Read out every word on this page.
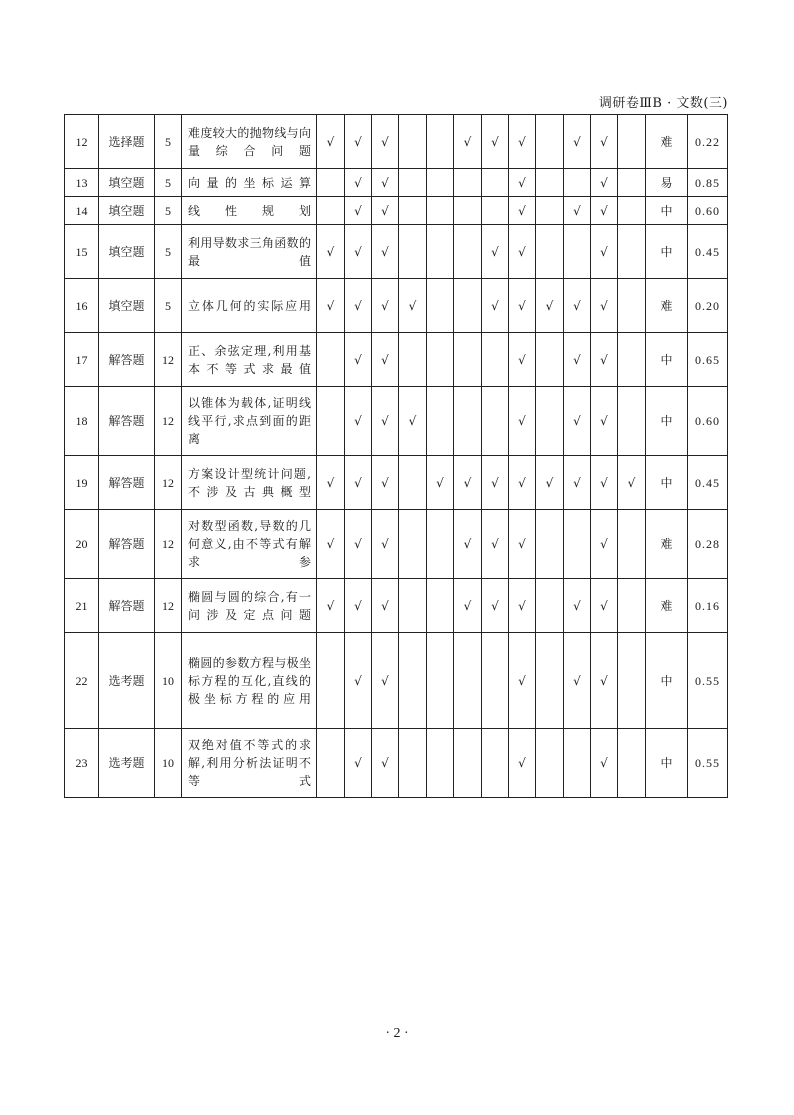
调研卷ⅢB · 文数(三)
12	选择题	5	难度较大的抛物线与向量综合问题	√	√	√			√	√	√		√	√		难	0.22
13	填空题	5	向量的坐标运算		√	√					√			√		易	0.85
14	填空题	5	线性规划		√	√					√		√	√		中	0.60
15	填空题	5	利用导数求三角函数的最值	√	√	√				√	√			√		中	0.45
16	填空题	5	立体几何的实际应用	√	√	√	√			√	√	√	√	√		难	0.20
17	解答题	12	正、余弦定理,利用基本不等式求最值		√	√					√		√	√		中	0.65
18	解答题	12	以锥体为载体,证明线线平行,求点到面的距离		√	√	√				√		√	√		中	0.60
19	解答题	12	方案设计型统计问题,不涉及古典概型	√	√	√		√	√	√	√	√	√	√	√	中	0.45
20	解答题	12	对数型函数,导数的几何意义,由不等式有解求参	√	√	√			√	√	√			√		难	0.28
21	解答题	12	椭圆与圆的综合,有一问涉及定点问题	√	√	√			√	√	√		√	√		难	0.16
22	选考题	10	椭圆的参数方程与极坐标方程的互化,直线的极坐标方程的应用		√	√					√		√	√		中	0.55
23	选考题	10	双绝对值不等式的求解,利用分析法证明不等式		√	√					√			√		中	0.55
· 2 ·
